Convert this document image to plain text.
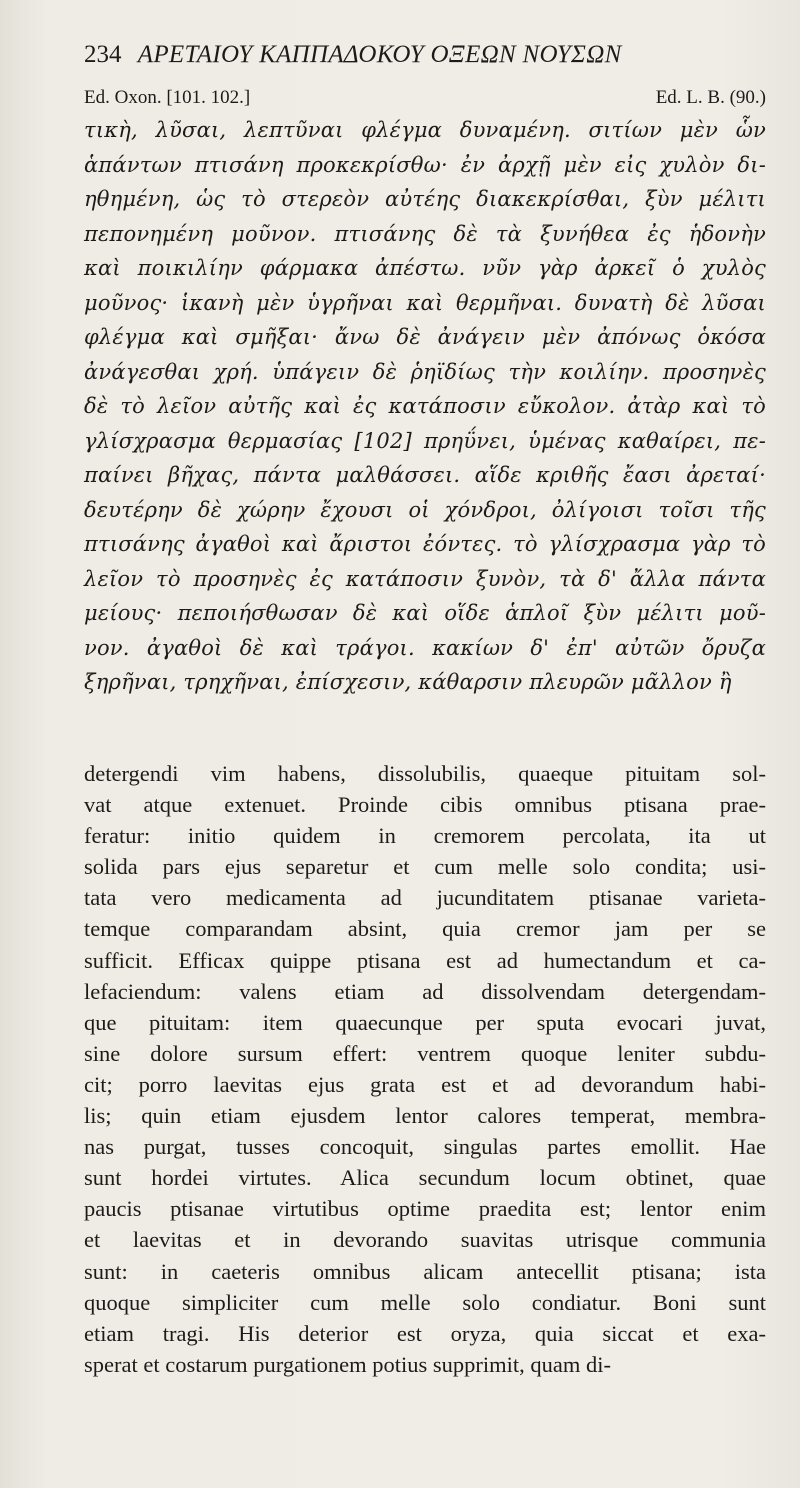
234 ΑΡΕΤΑΙΟΥ ΚΑΠΠΑΔΟΚΟΥ ΟΞΕΩΝ ΝΟΥΣΩΝ
Ed. Oxon. [101. 102.]	Ed. L. B. (90.)
τικὴ, λῦσαι, λεπτῦναι φλέγμα δυναμένη. σιτίων μὲν ὧν
ἁπάντων πτισάνη προκεκρίσθω· ἐν ἀρχῇ μὲν εἰς χυλὸν δι-
ηθημένη, ὡς τὸ στερεὸν αὐτέης διακεκρίσθαι, ξὺν μέλιτι
πεπονημένη μοῦνον. πτισάνης δὲ τὰ ξυνήθεα ἐς ἡδονὴν
καὶ ποικιλίην φάρμακα ἀπέστω. νῦν γὰρ ἀρκεῖ ὁ χυλὸς
μοῦνος· ἱκανὴ μὲν ὑγρῆναι καὶ θερμῆναι. δυνατὴ δὲ λῦσαι
φλέγμα καὶ σμῆξαι· ἄνω δὲ ἀνάγειν μὲν ἀπόνως ὁκόσα
ἀνάγεσθαι χρή. ὑπάγειν δὲ ῥηϊδίως τὴν κοιλίην. προσηνὲς
δὲ τὸ λεῖον αὐτῆς καὶ ἐς κατάποσιν εὔκολον. ἀτὰρ καὶ τὸ
γλίσχρασμα θερμασίας [102] πρηΰνει, ὑμένας καθαίρει, πε-
παίνει βῆχας, πάντα μαλθάσσει. αἵδε κριθῆς ἔασι ἀρεταί·
δευτέρην δὲ χώρην ἔχουσι οἱ χόνδροι, ὀλίγοισι τοῖσι τῆς
πτισάνης ἀγαθοὶ καὶ ἄριστοι ἐόντες. τὸ γλίσχρασμα γὰρ τὸ
λεῖον τὸ προσηνὲς ἐς κατάποσιν ξυνὸν, τὰ δ' ἄλλα πάντα
μείους· πεποιήσθωσαν δὲ καὶ οἵδε ἁπλοῖ ξὺν μέλιτι μοῦ-
νον. ἀγαθοὶ δὲ καὶ τράγοι. κακίων δ' ἐπ' αὐτῶν ὄρυζα
ξηρῆναι, τρηχῆναι, ἐπίσχεσιν, κάθαρσιν πλευρῶν μᾶλλον ἢ
detergendi vim habens, dissolubilis, quaeque pituitam sol-
vat atque extenuet. Proinde cibis omnibus ptisana prae-
feratur: initio quidem in cremorem percolata, ita ut
solida pars ejus separetur et cum melle solo condita; usi-
tata vero medicamenta ad jucunditatem ptisanae varieta-
temque comparandam absint, quia cremor jam per se
sufficit. Efficax quippe ptisana est ad humectandum et ca-
lefaciendum: valens etiam ad dissolvendam detergendam-
que pituitam: item quaecunque per sputa evocari juvat,
sine dolore sursum effert: ventrem quoque leniter subdu-
cit; porro laevitas ejus grata est et ad devorandum habi-
lis; quin etiam ejusdem lentor calores temperat, membra-
nas purgat, tusses concoquit, singulas partes emollit. Hae
sunt hordei virtutes. Alica secundum locum obtinet, quae
paucis ptisanae virtutibus optime praedita est; lentor enim
et laevitas et in devorando suavitas utrisque communia
sunt: in caeteris omnibus alicam antecellit ptisana; ista
quoque simpliciter cum melle solo condiatur. Boni sunt
etiam tragi. His deterior est oryza, quia siccat et exa-
sperat et costarum purgationem potius supprimit, quam di-
